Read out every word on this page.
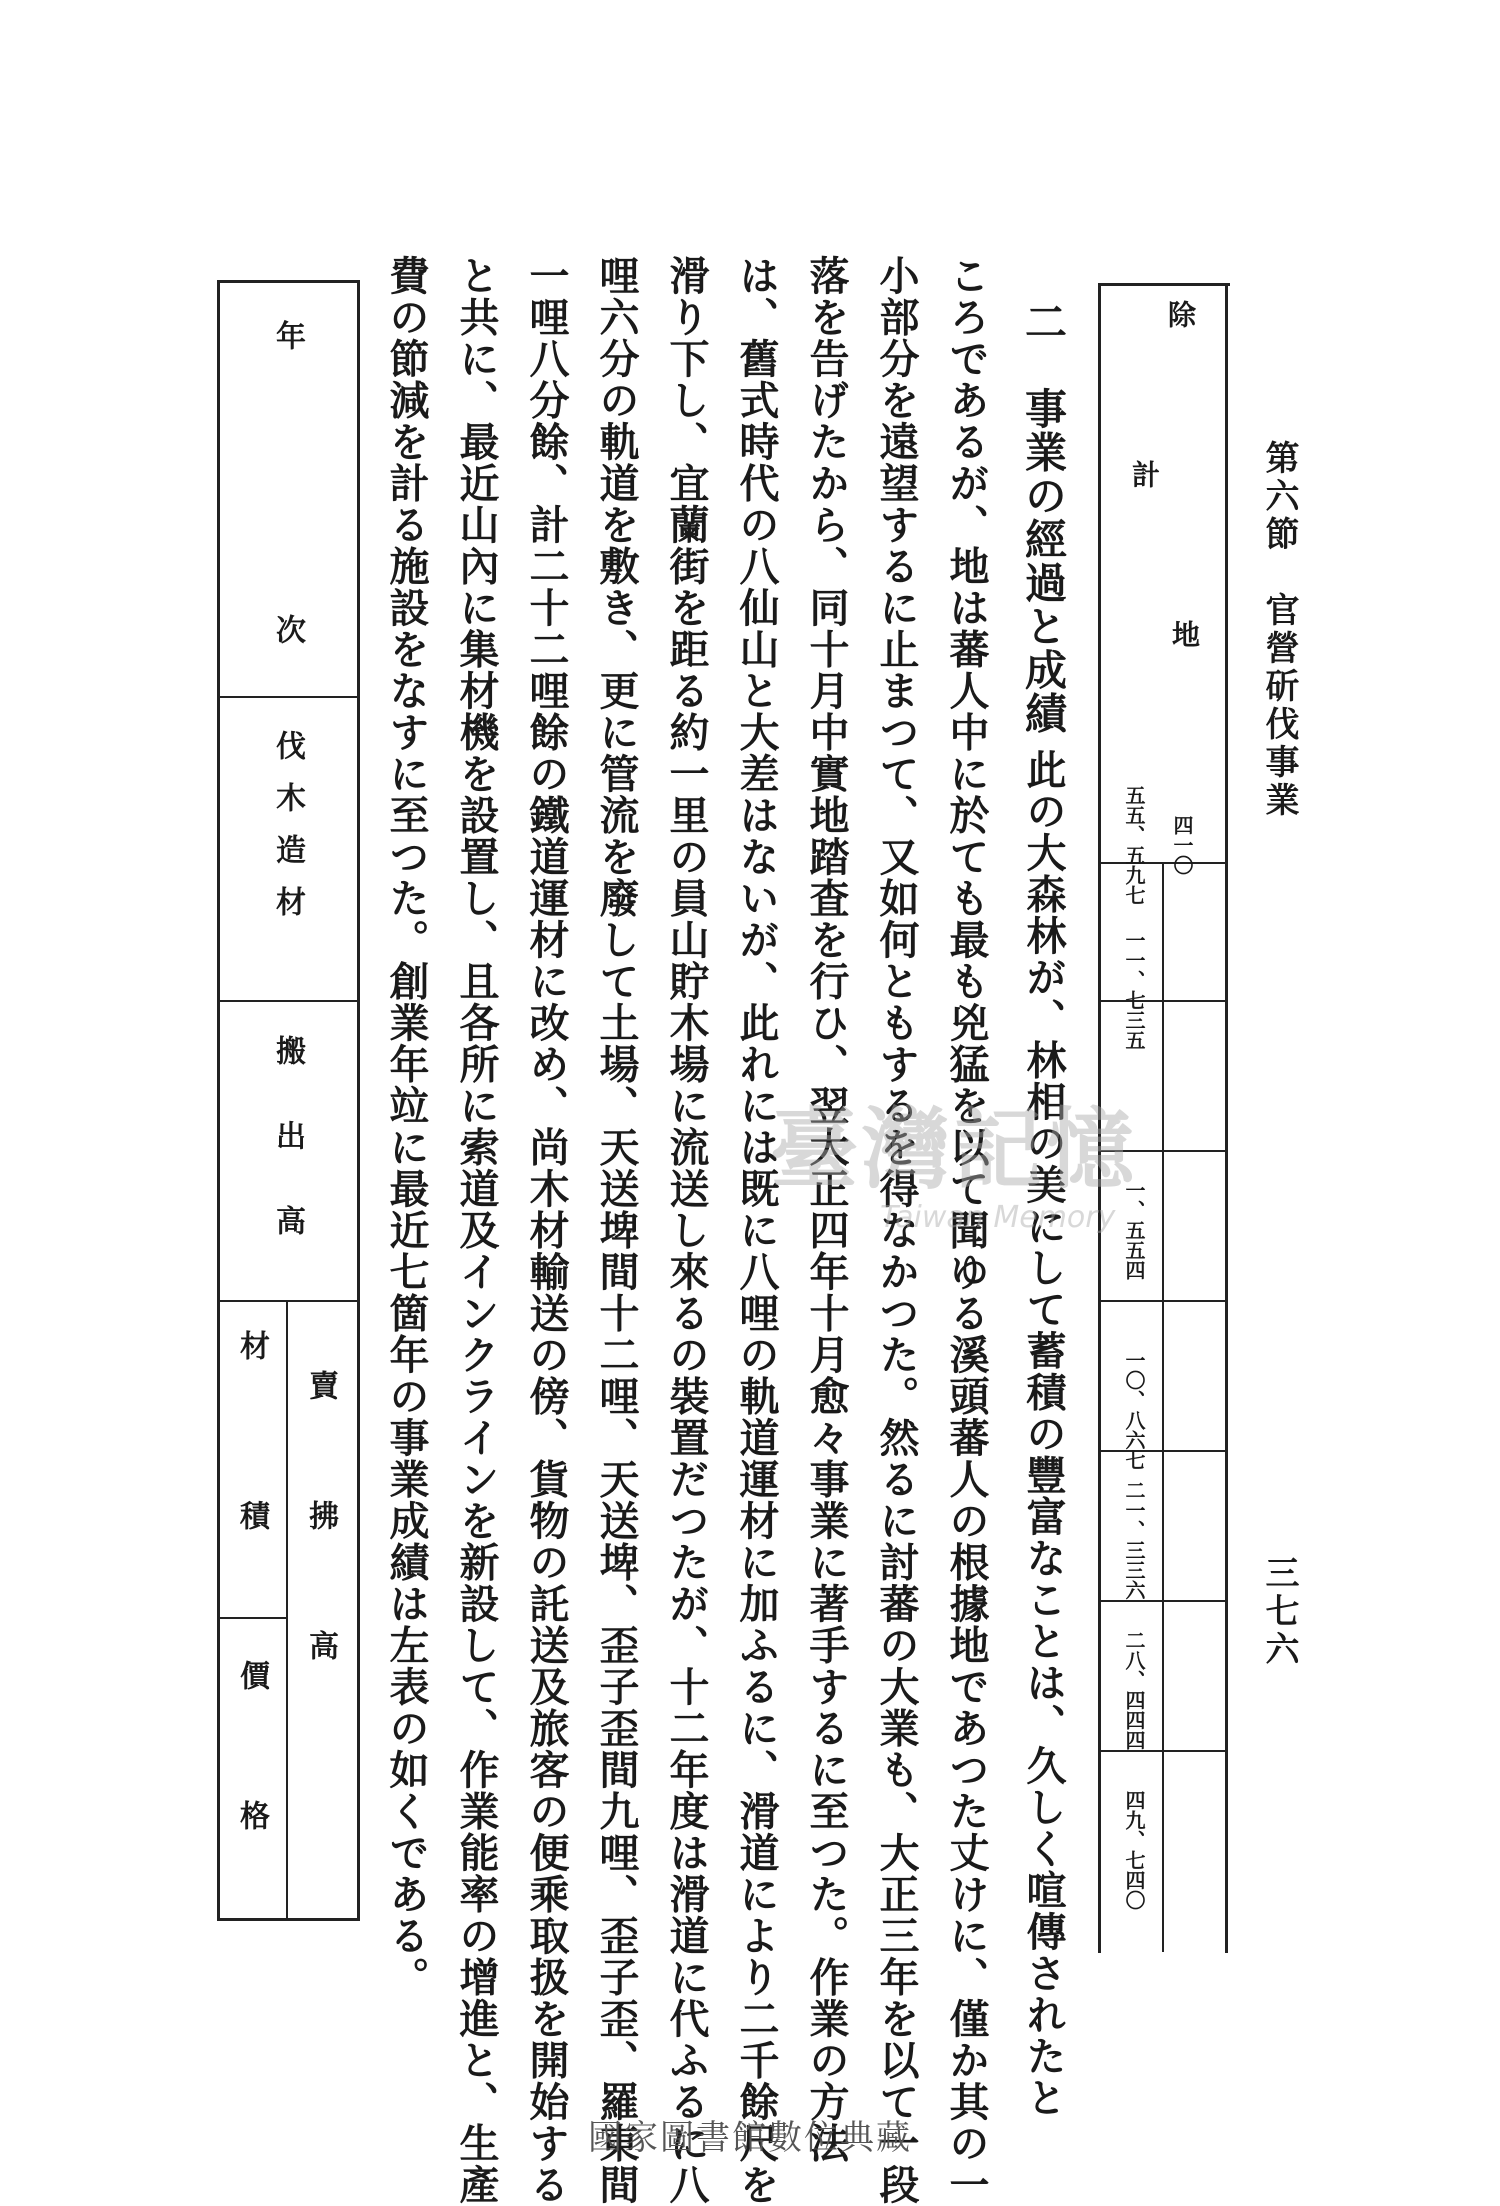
第六節　官營斫伐事業
三七六
除
計
地
四一〇
五五、五九七
一一、七三五
一、五五四
一〇、八六七
二一、三三六
二八、四四四
四九、七四〇
二　事業の經過と成績此の大森林が、林相の美にして蓄積の豐富なことは、久しく喧傳されたと
ころであるが、地は蕃人中に於ても最も兇猛を以て聞ゆる溪頭蕃人の根據地であつた丈けに、僅か其の一
小部分を遠望するに止まつて、又如何ともするを得なかつた。然るに討蕃の大業も、大正三年を以て一段
落を告げたから、同十月中實地踏査を行ひ、翌大正四年十月愈々事業に著手するに至つた。作業の方法
は、舊式時代の八仙山と大差はないが、此れには既に八哩の軌道運材に加ふるに、滑道により二千餘尺を
滑り下し、宜蘭街を距る約一里の員山貯木場に流送し來るの裝置だつたが、十二年度は滑道に代ふるに八
哩六分の軌道を敷き、更に管流を廢して土場、天送埤間十二哩、天送埤、歪子歪間九哩、歪子歪、羅東間
一哩八分餘、計二十二哩餘の鐵道運材に改め、尚木材輸送の傍、貨物の託送及旅客の便乘取扱を開始する
と共に、最近山內に集材機を設置し、且各所に索道及インクラインを新設して、作業能率の增進と、生產
費の節減を計る施設をなすに至つた。創業年竝に最近七箇年の事業成績は左表の如くである。
年　　次
伐木造材
搬出高
賣拂高
材積
價格
臺灣記憶
Taiwan Memory
國家圖書館數位典藏
